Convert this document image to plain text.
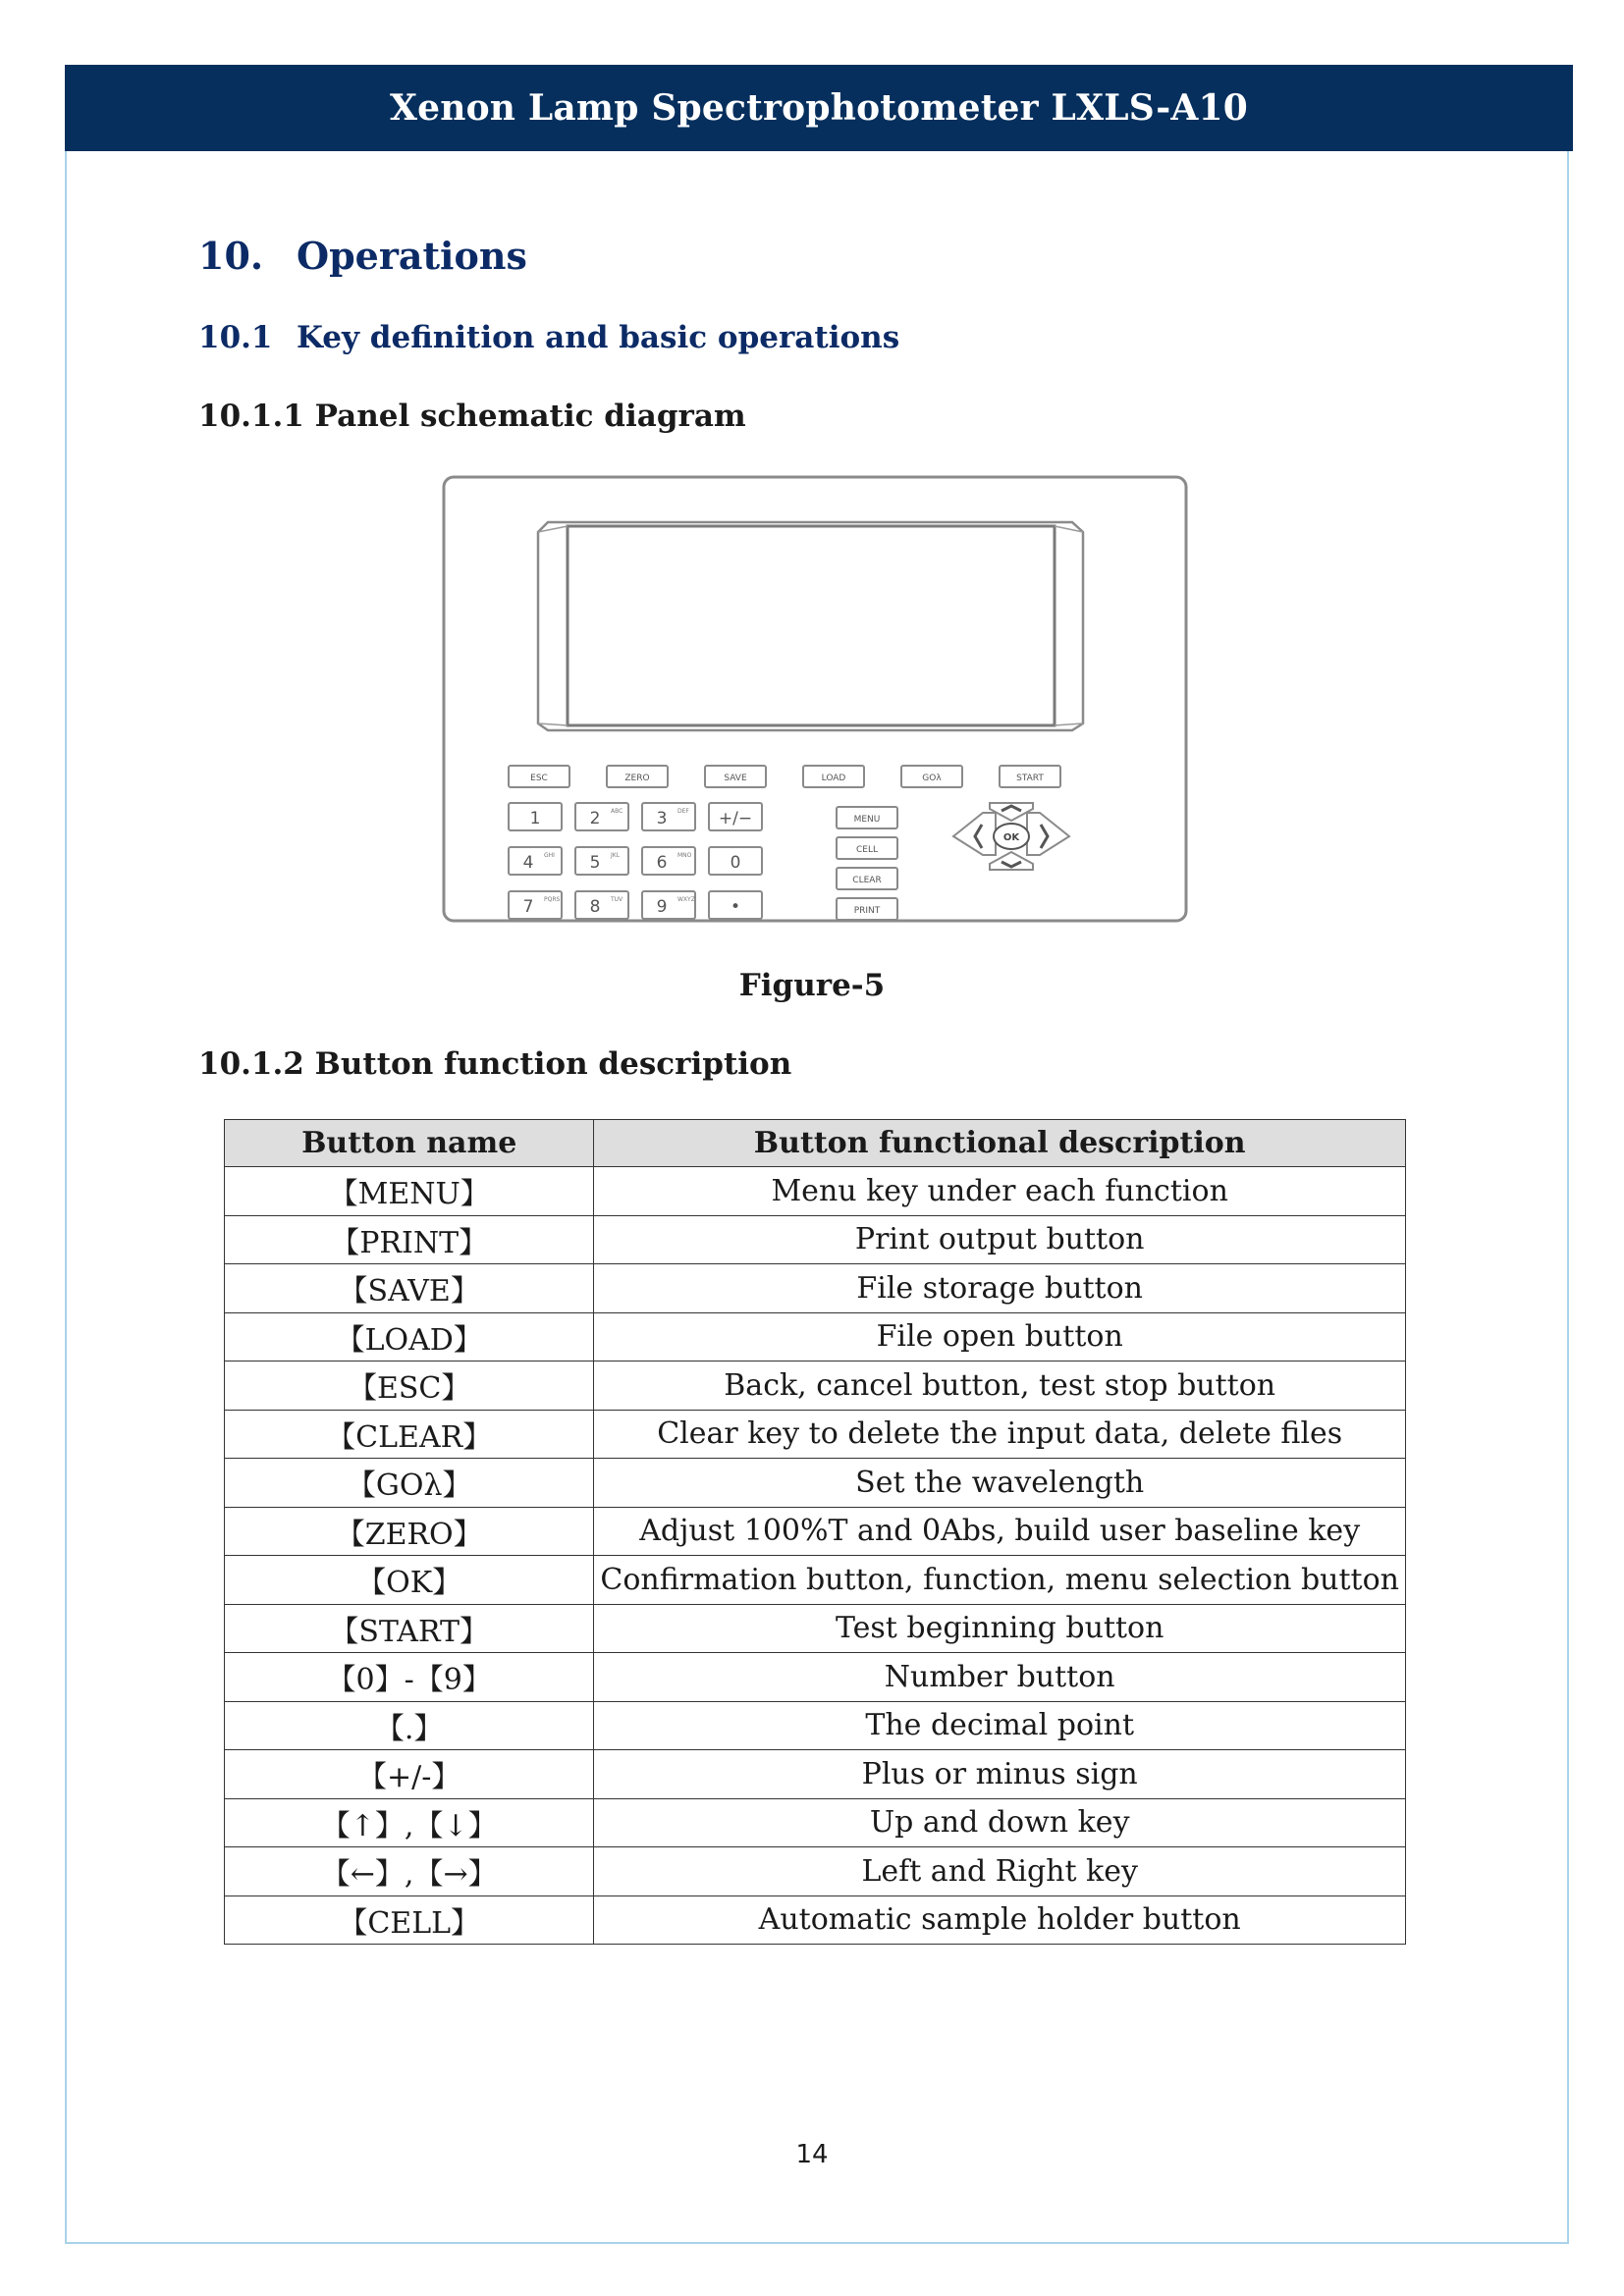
Xenon Lamp Spectrophotometer LXLS-A10
10. Operations
10.1 Key definition and basic operations
10.1.1 Panel schematic diagram
ESC	ZERO	SAVE	LOAD	GOλ	START
MENU
CELL
CLEAR
PRINT
1	2 ABC 3 DEF +/−
4 GHI 5 JKL 6 MNO 0
7 PQRS 8 TUV 9 WXYZ •
OK
Figure-5
10.1.2 Button function description
Button name	Button functional description
【MENU】	Menu key under each function
【PRINT】	Print output button
【SAVE】	File storage button
【LOAD】	File open button
【ESC】	Back, cancel button, test stop button
【CLEAR】	Clear key to delete the input data, delete files
【GOλ】	Set the wavelength
【ZERO】	Adjust 100%T and 0Abs, build user baseline key
【OK】	Confirmation button, function, menu selection button
【START】	Test beginning button
【0】-【9】	Number button
【.】	The decimal point
【+/-】	Plus or minus sign
【↑】,【↓】	Up and down key
【←】,【→】	Left and Right key
【CELL】	Automatic sample holder button
14
